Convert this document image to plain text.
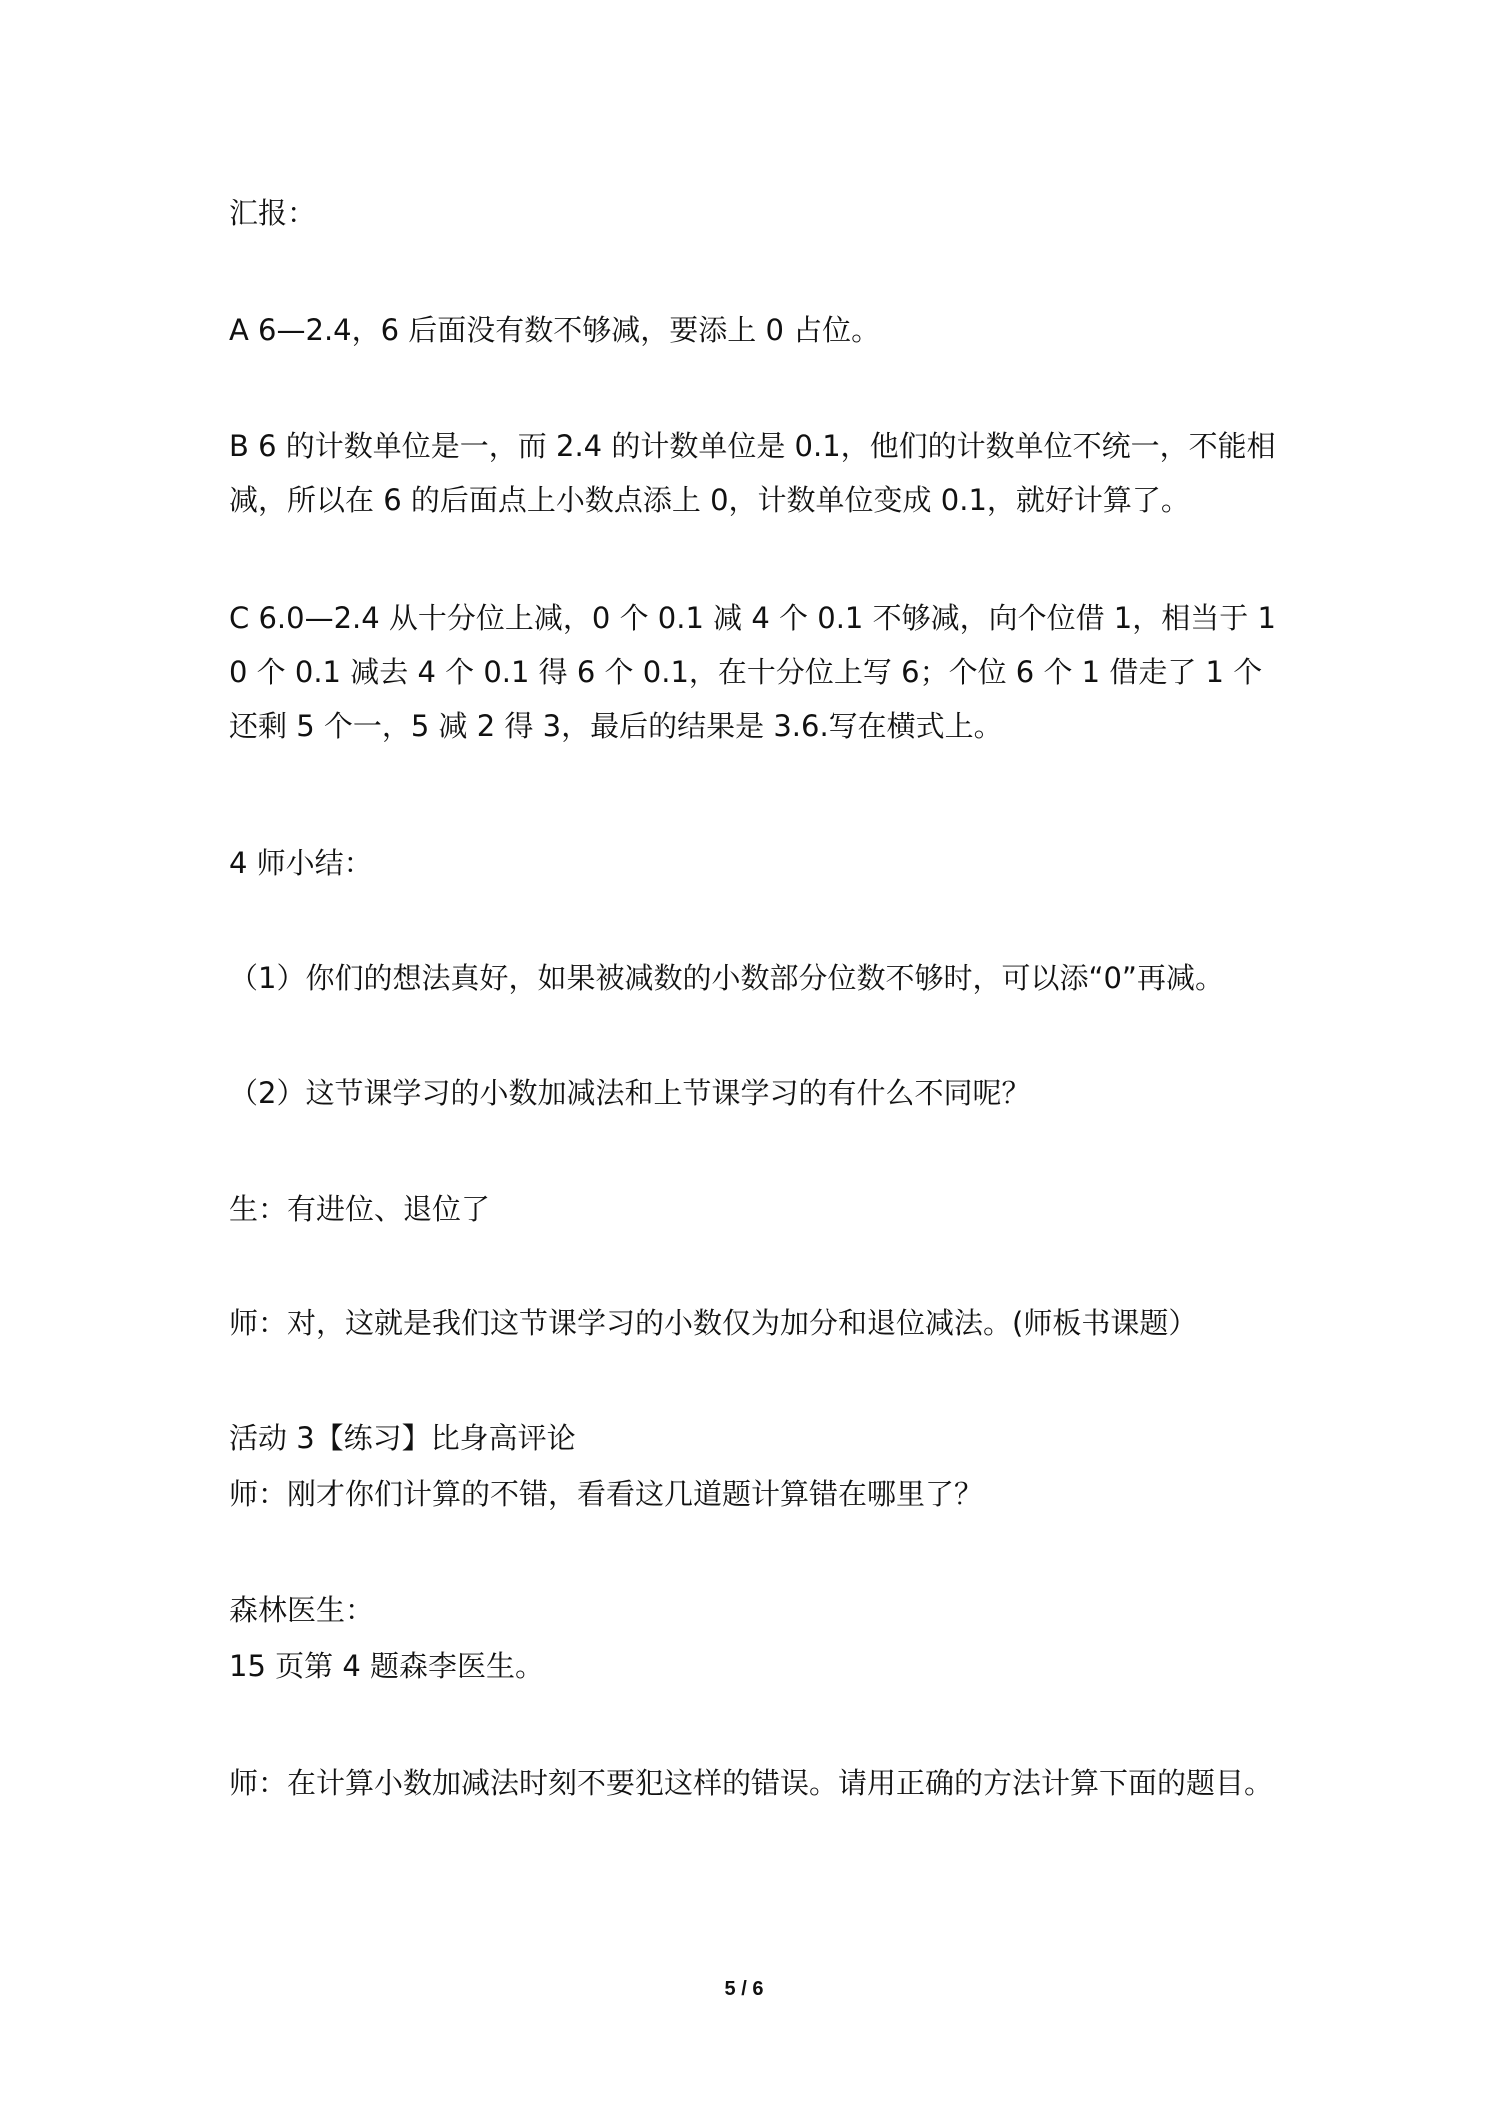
汇报：

A 6—2.4，6 后面没有数不够减，要添上 0 占位。

B 6 的计数单位是一，而 2.4 的计数单位是 0.1，他们的计数单位不统一，不能相减，所以在 6 的后面点上小数点添上 0，计数单位变成 0.1，就好计算了。

C 6.0—2.4 从十分位上减，0 个 0.1 减 4 个 0.1 不够减，向个位借 1，相当于 10 个 0.1 减去 4 个 0.1 得 6 个 0.1，在十分位上写 6；个位 6 个 1 借走了 1 个还剩 5 个一，5 减 2 得 3，最后的结果是 3.6.写在横式上。

4 师小结：

（1）你们的想法真好，如果被减数的小数部分位数不够时，可以添“0”再减。

（2）这节课学习的小数加减法和上节课学习的有什么不同呢？

生：有进位、退位了

师：对，这就是我们这节课学习的小数仅为加分和退位减法。(师板书课题）

活动 3【练习】比身高评论

师：刚才你们计算的不错，看看这几道题计算错在哪里了？

森林医生：

15 页第 4 题森李医生。

师：在计算小数加减法时刻不要犯这样的错误。请用正确的方法计算下面的题目。

5 / 6
